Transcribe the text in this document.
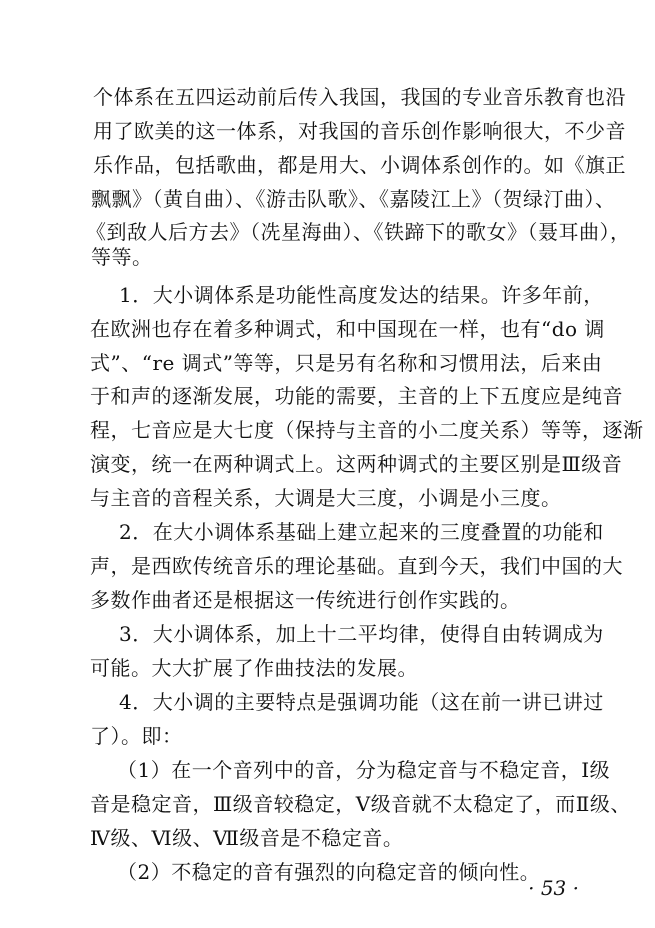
个体系在五四运动前后传入我国，我国的专业音乐教育也沿
用了欧美的这一体系，对我国的音乐创作影响很大，不少音
乐作品，包括歌曲，都是用大、小调体系创作的。如《旗正
飘飘》（黄自曲）、《游击队歌》、《嘉陵江上》（贺绿汀曲）、
《到敌人后方去》（冼星海曲）、《铁蹄下的歌女》（聂耳曲），
等等。
1．大小调体系是功能性高度发达的结果。许多年前，
在欧洲也存在着多种调式，和中国现在一样，也有“do 调
式”、“re 调式”等等，只是另有名称和习惯用法，后来由
于和声的逐渐发展，功能的需要，主音的上下五度应是纯音
程，七音应是大七度（保持与主音的小二度关系）等等，逐渐
演变，统一在两种调式上。这两种调式的主要区别是Ⅲ级音
与主音的音程关系，大调是大三度，小调是小三度。
2．在大小调体系基础上建立起来的三度叠置的功能和
声，是西欧传统音乐的理论基础。直到今天，我们中国的大
多数作曲者还是根据这一传统进行创作实践的。
3．大小调体系，加上十二平均律，使得自由转调成为
可能。大大扩展了作曲技法的发展。
4．大小调的主要特点是强调功能（这在前一讲已讲过
了）。即：
（1）在一个音列中的音，分为稳定音与不稳定音，Ⅰ级
音是稳定音，Ⅲ级音较稳定，Ⅴ级音就不太稳定了，而Ⅱ级、
Ⅳ级、Ⅵ级、Ⅶ级音是不稳定音。
（2）不稳定的音有强烈的向稳定音的倾向性。
· 53 ·
